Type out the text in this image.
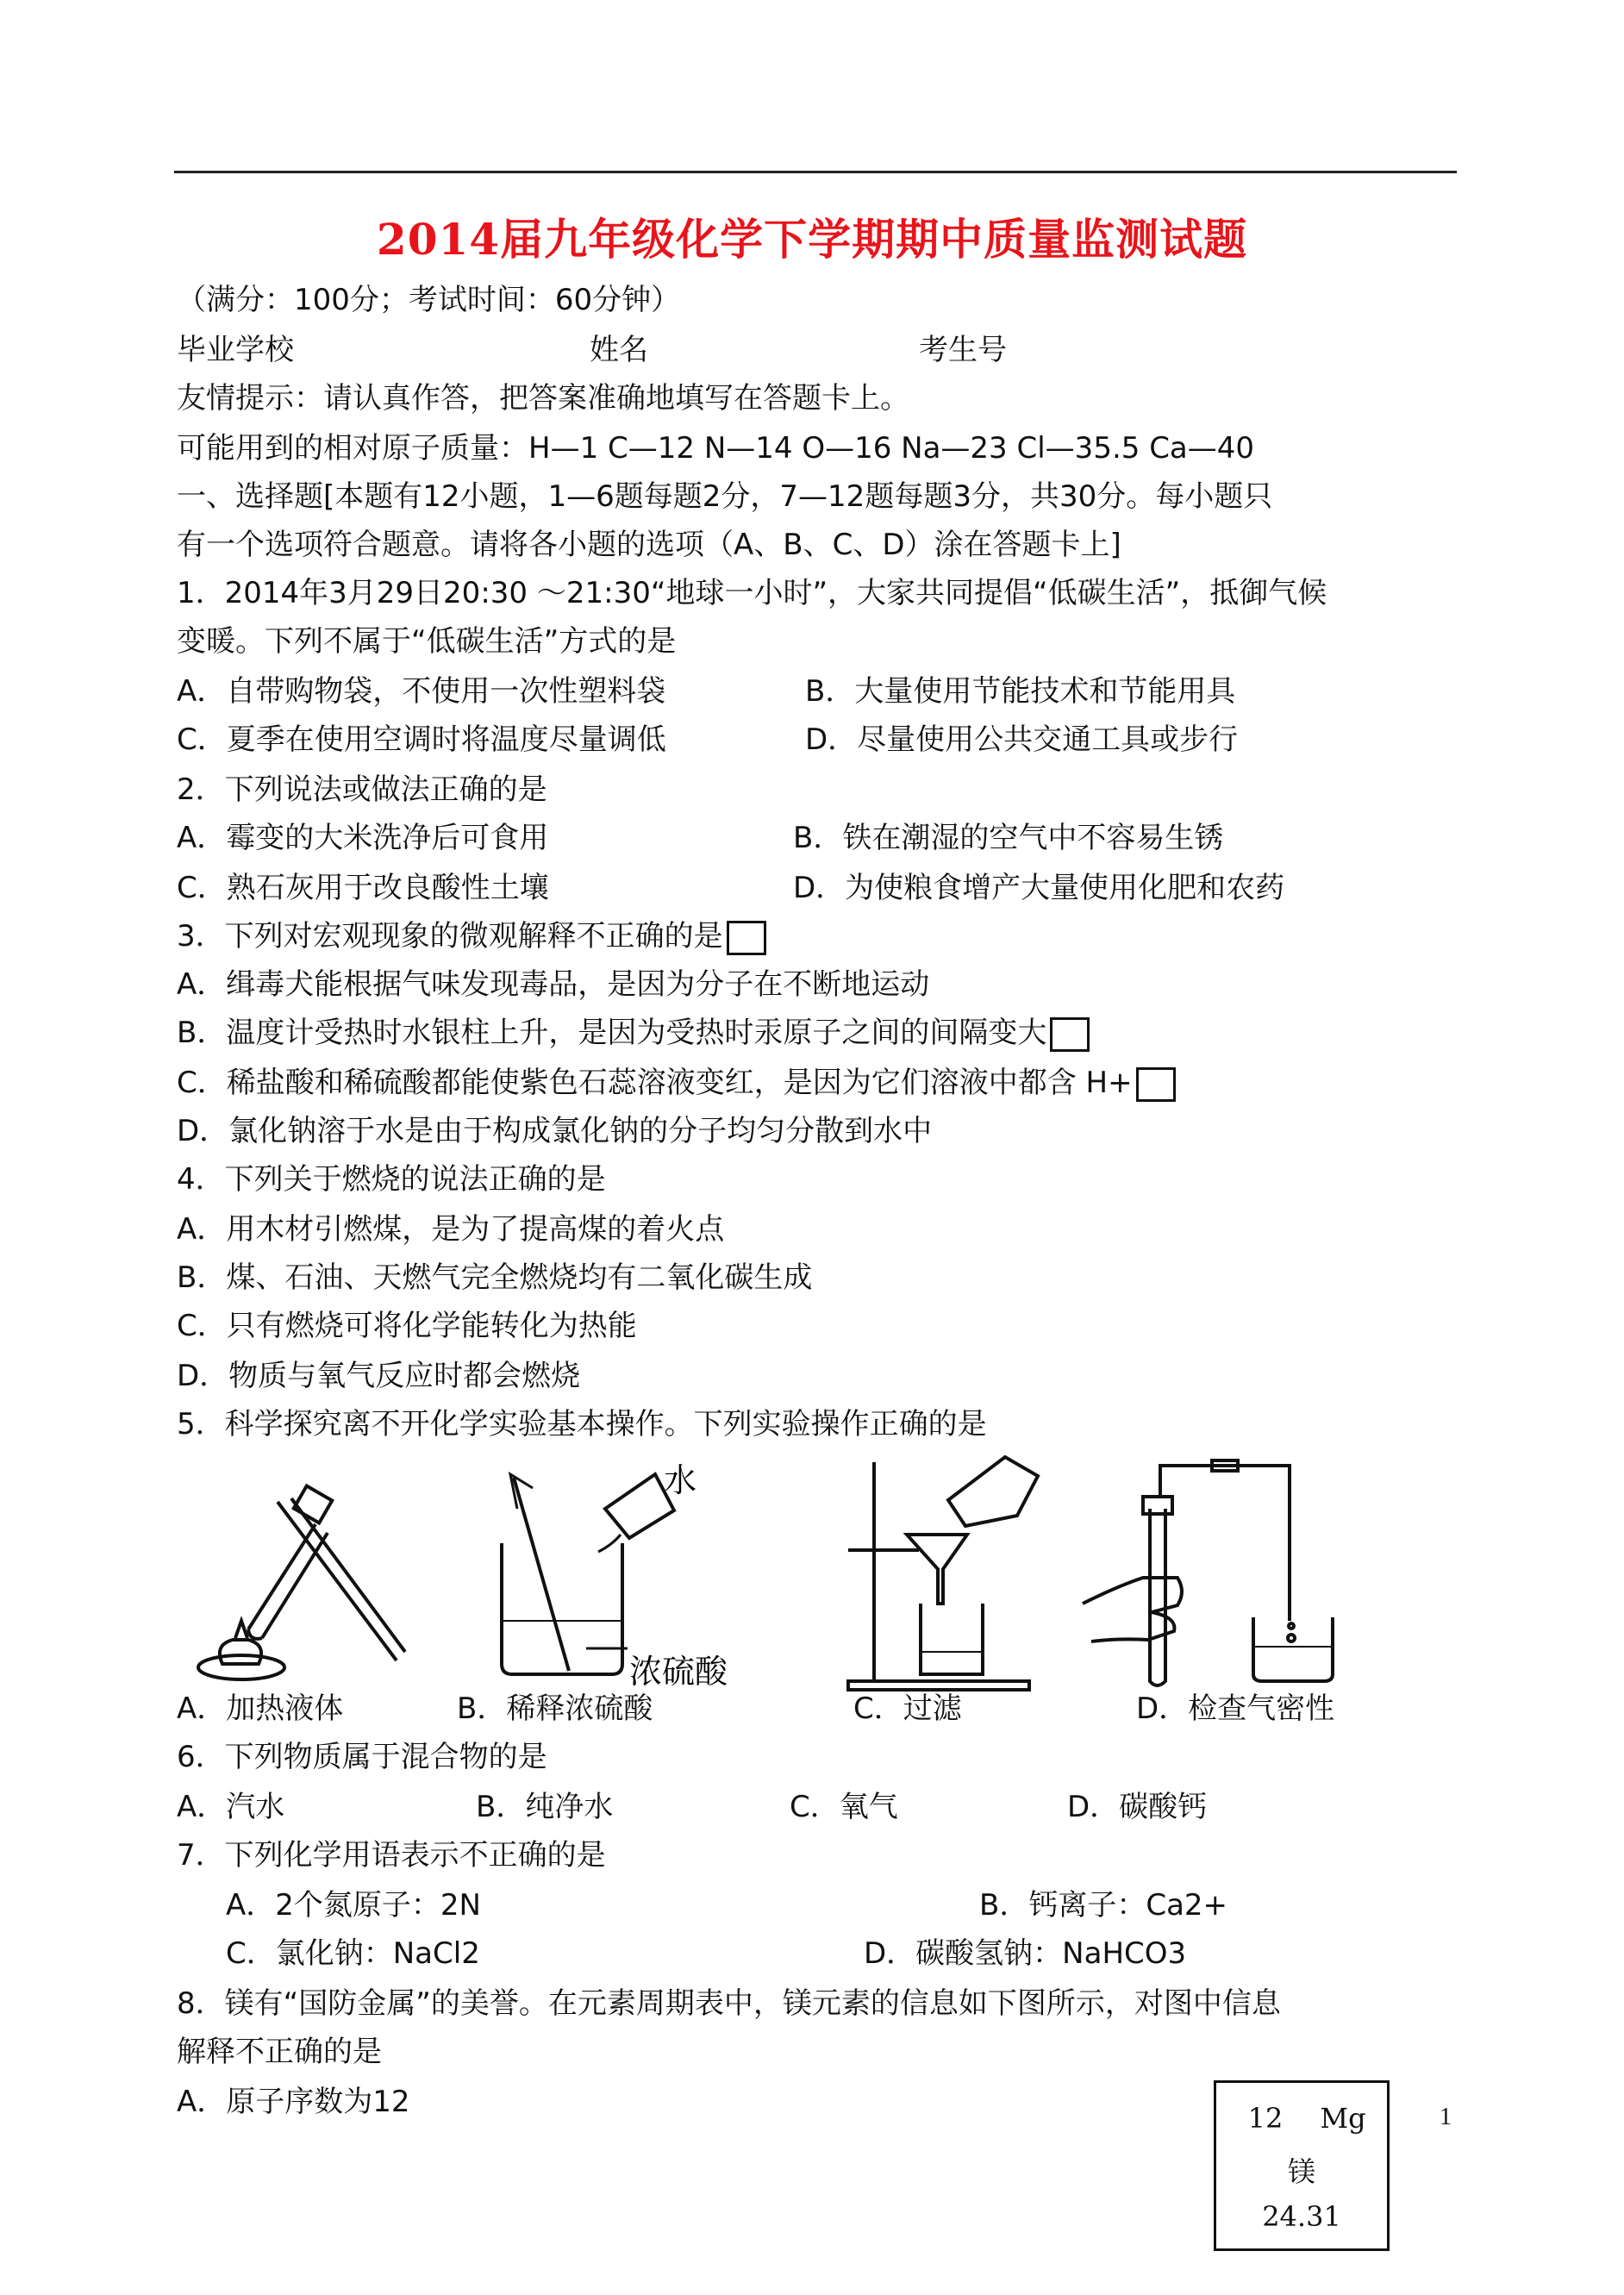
2014届九年级化学下学期期中质量监测试题
（满分：100分；考试时间：60分钟）
毕业学校	姓名	考生号
友情提示：请认真作答，把答案准确地填写在答题卡上。
可能用到的相对原子质量：H—1 C—12 N—14 O—16 Na—23 Cl—35.5 Ca—40
一、选择题[本题有12小题，1—6题每题2分，7—12题每题3分，共30分。每小题只
有一个选项符合题意。请将各小题的选项（A、B、C、D）涂在答题卡上]
1．2014年3月29日20:30 ～21:30“地球一小时”，大家共同提倡“低碳生活”，抵御气候
变暖。下列不属于“低碳生活”方式的是
A．自带购物袋，不使用一次性塑料袋	B．大量使用节能技术和节能用具
C．夏季在使用空调时将温度尽量调低	D．尽量使用公共交通工具或步行
2．下列说法或做法正确的是
A．霉变的大米洗净后可食用	B．铁在潮湿的空气中不容易生锈
C．熟石灰用于改良酸性土壤	D．为使粮食增产大量使用化肥和农药
3．下列对宏观现象的微观解释不正确的是
A．缉毒犬能根据气味发现毒品，是因为分子在不断地运动
B．温度计受热时水银柱上升，是因为受热时汞原子之间的间隔变大
C．稀盐酸和稀硫酸都能使紫色石蕊溶液变红，是因为它们溶液中都含 H+
D．氯化钠溶于水是由于构成氯化钠的分子均匀分散到水中
4．下列关于燃烧的说法正确的是
A．用木材引燃煤，是为了提高煤的着火点
B．煤、石油、天燃气完全燃烧均有二氧化碳生成
C．只有燃烧可将化学能转化为热能
D．物质与氧气反应时都会燃烧
5．科学探究离不开化学实验基本操作。下列实验操作正确的是
水
浓硫酸
A．加热液体	B．稀释浓硫酸	C．过滤	D．检查气密性
6．下列物质属于混合物的是
A．汽水	B．纯净水	C．氧气	D．碳酸钙
7．下列化学用语表示不正确的是
A．2个氮原子：2N	B．钙离子：Ca2+
C．氯化钠：NaCl2	D．碳酸氢钠：NaHCO3
8．镁有“国防金属”的美誉。在元素周期表中，镁元素的信息如下图所示，对图中信息
解释不正确的是
A．原子序数为12	12	Mg
镁
24.31
1
